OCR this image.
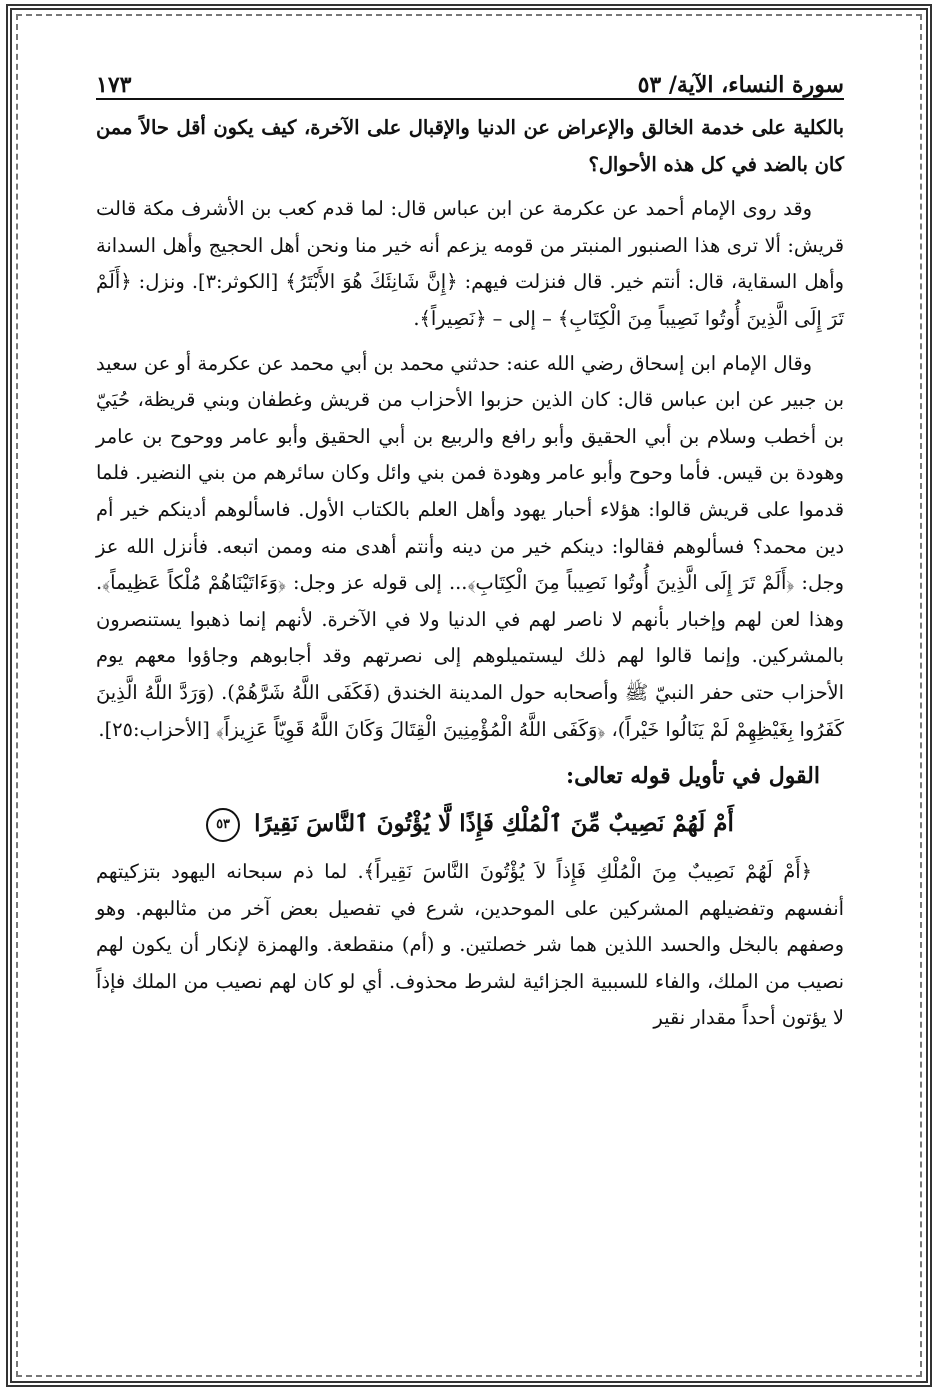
سورة النساء، الآية/ ٥٣
١٧٣

بالكلية على خدمة الخالق والإعراض عن الدنيا والإقبال على الآخرة، كيف يكون أقل حالاً ممن كان بالضد في كل هذه الأحوال؟

وقد روى الإمام أحمد عن عكرمة عن ابن عباس قال: لما قدم كعب بن الأشرف مكة قالت قريش: ألا ترى هذا الصنبور المنبتر من قومه يزعم أنه خير منا ونحن أهل الحجيج وأهل السدانة وأهل السقاية، قال: أنتم خير. قال فنزلت فيهم: ﴿إِنَّ شَانِئَكَ هُوَ الأَبْتَرُ﴾ [الكوثر:٣]. ونزل: ﴿أَلَمْ تَرَ إِلَى الَّذِينَ أُوتُوا نَصِيباً مِنَ الْكِتَابِ﴾ – إلى – ﴿نَصِيراً﴾.

وقال الإمام ابن إسحاق رضي الله عنه: حدثني محمد بن أبي محمد عن عكرمة أو عن سعيد بن جبير عن ابن عباس قال: كان الذين حزبوا الأحزاب من قريش وغطفان وبني قريظة، حُيَيّ بن أخطب وسلام بن أبي الحقيق وأبو رافع والربيع بن أبي الحقيق وأبو عامر ووحوح بن عامر وهودة بن قيس. فأما وحوح وأبو عامر وهودة فمن بني وائل وكان سائرهم من بني النضير. فلما قدموا على قريش قالوا: هؤلاء أحبار يهود وأهل العلم بالكتاب الأول. فاسألوهم أدينكم خير أم دين محمد؟ فسألوهم فقالوا: دينكم خير من دينه وأنتم أهدى منه وممن اتبعه. فأنزل الله عز وجل: ﴿أَلَمْ تَرَ إِلَى الَّذِينَ أُوتُوا نَصِيباً مِنَ الْكِتَابِ﴾... إلى قوله عز وجل: ﴿وَءَاتَيْنَاهُمْ مُلْكاً عَظِيماً﴾. وهذا لعن لهم وإخبار بأنهم لا ناصر لهم في الدنيا ولا في الآخرة. لأنهم إنما ذهبوا يستنصرون بالمشركين. وإنما قالوا لهم ذلك ليستميلوهم إلى نصرتهم وقد أجابوهم وجاؤوا معهم يوم الأحزاب حتى حفر النبيّ ﷺ وأصحابه حول المدينة الخندق (فَكَفَى اللَّهُ شَرَّهُمْ). (وَرَدَّ اللَّهُ الَّذِينَ كَفَرُوا بِغَيْظِهِمْ لَمْ يَنَالُوا خَيْراً)، ﴿وَكَفَى اللَّهُ الْمُؤْمِنِينَ الْقِتَالَ وَكَانَ اللَّهُ قَوِيّاً عَزِيزاً﴾ [الأحزاب:٢٥].

القول في تأويل قوله تعالى:
أَمْ لَهُمْ نَصِيبٌ مِّنَ ٱلْمُلْكِ فَإِذًا لَّا يُؤْتُونَ ٱلنَّاسَ نَقِيرًا ٥٣

﴿أَمْ لَهُمْ نَصِيبٌ مِنَ الْمُلْكِ فَإِذاً لاَ يُؤْتُونَ النَّاسَ نَقِيراً﴾. لما ذم سبحانه اليهود بتزكيتهم أنفسهم وتفضيلهم المشركين على الموحدين، شرع في تفصيل بعض آخر من مثالبهم. وهو وصفهم بالبخل والحسد اللذين هما شر خصلتين. و (أم) منقطعة. والهمزة لإنكار أن يكون لهم نصيب من الملك، والفاء للسببية الجزائية لشرط محذوف. أي لو كان لهم نصيب من الملك فإذاً لا يؤتون أحداً مقدار نقير
